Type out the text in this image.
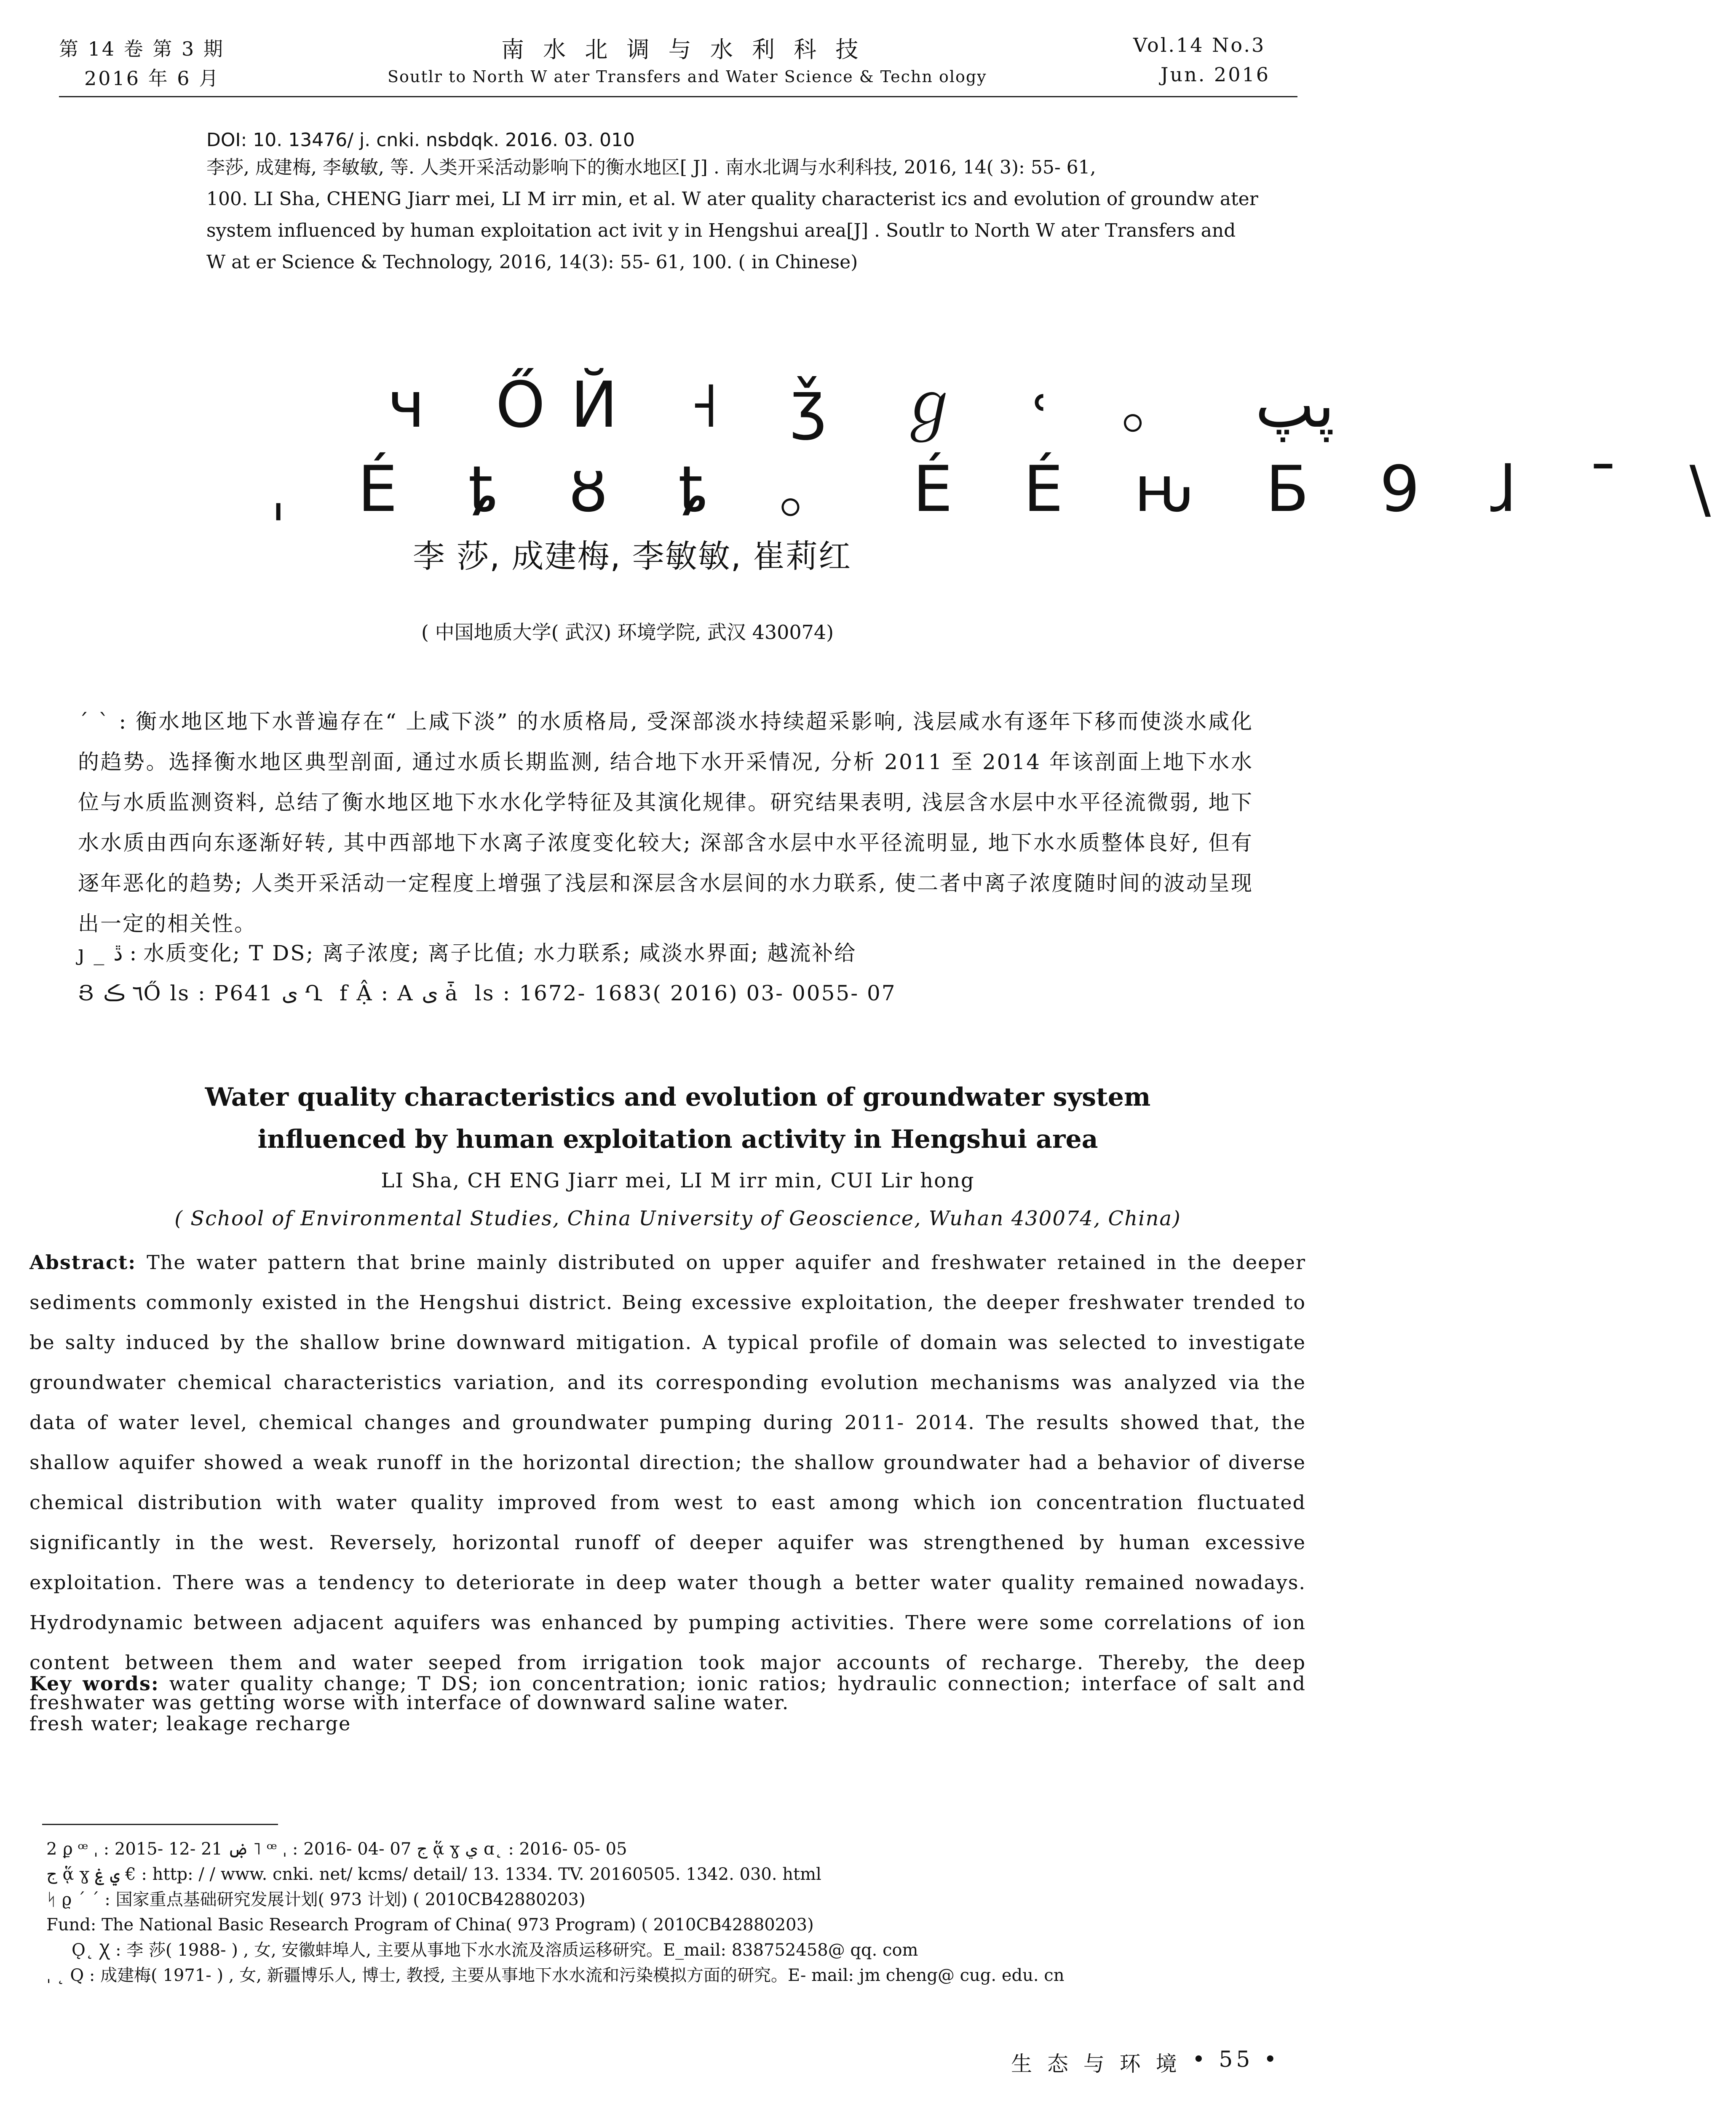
第 14 卷 第 3 期
2016 年 6 月
南 水 北 调 与 水 利 科 技
Soutlr to North W ater Transfers and Water Science & Techn ology
Vol.14 No.3
Jun. 2016
DOI: 10. 13476/ j. cnki. nsbdqk. 2016. 03. 010
李莎, 成建梅, 李敏敏, 等. 人类开采活动影响下的衡水地区[ J] . 南水北调与水利科技, 2016, 14( 3): 55- 61,
100. LI Sha, CHENG Jiarr mei, LI M irr min, et al. W ater quality characterist ics and evolution of groundw ater
system influenced by human exploitation act ivit y in Hengshui area[J] . Soutlr to North W ater Transfers and
W at er Science & Technology, 2016, 14(3): 55- 61, 100. ( in Chinese)
ч ŐЙ ˧ ǯ ℊ ˓ 。 ڽپ
ˌ É ȶ ȣ ȶ 。 É É ԋ Б 9 ɺ ¯ \
李 莎, 成建梅, 李敏敏, 崔莉红
( 中国地质大学( 武汉) 环境学院, 武汉 430074)
ˊ ˋ : 衡水地区地下水普遍存在“ 上咸下淡” 的水质格局, 受深部淡水持续超采影响, 浅层咸水有逐年下移而使淡水咸化的趋势。选择衡水地区典型剖面, 通过水质长期监测, 结合地下水开采情况, 分析 2011 至 2014 年该剖面上地下水水位与水质监测资料, 总结了衡水地区地下水水化学特征及其演化规律。研究结果表明, 浅层含水层中水平径流微弱, 地下水水质由西向东逐渐好转, 其中西部地下水离子浓度变化较大; 深部含水层中水平径流明显, 地下水水质整体良好, 但有逐年恶化的趋势; 人类开采活动一定程度上增强了浅层和深层含水层间的水力联系, 使二者中离子浓度随时间的波动呈现出一定的相关性。
ȷ _ ڐ : 水质变化; T DS; 离子浓度; 离子比值; 水力联系; 咸淡水界面; 越流补给
Յ ٦ ڪŐ ls : P641 ى Ղ ￼ f Ậ : A ى ǡ ￼ ls : 1672- 1683( 2016) 03- 0055- 07
Water quality characteristics and evolution of groundwater system
influenced by human exploitation activity in Hengshui area
LI Sha, CH ENG Jiarr mei, LI M irr min, CUI Lir hong
( School of Environmental Studies, China University of Geoscience, Wuhan 430074, China)
Abstract: The water pattern that brine mainly distributed on upper aquifer and freshwater retained in the deeper sediments commonly existed in the Hengshui district. Being excessive exploitation, the deeper freshwater trended to be salty induced by the shallow brine downward mitigation. A typical profile of domain was selected to investigate groundwater chemical characteristics variation, and its corresponding evolution mechanisms was analyzed via the data of water level, chemical changes and groundwater pumping during 2011- 2014. The results showed that, the shallow aquifer showed a weak runoff in the horizontal direction; the shallow groundwater had a behavior of diverse chemical distribution with water quality improved from west to east among which ion concentration fluctuated significantly in the west. Reversely, horizontal runoff of deeper aquifer was strengthened by human excessive exploitation. There was a tendency to deteriorate in deep water though a better water quality remained nowadays. Hydrodynamic between adjacent aquifers was enhanced by pumping activities. There were some correlations of ion content between them and water seeped from irrigation took major accounts of recharge. Thereby, the deep freshwater was getting worse with interface of downward saline water.
Key words: water quality change; T DS; ion concentration; ionic ratios; hydraulic connection; interface of salt and fresh water; leakage recharge
2 ϼ ꟹ ˌ : 2015- 12- 21 ۻ ˥ ꟹ ˌ : 2016- 04- 07 ج ᾅ ɣ ي ɑ˛ : 2016- 05- 05
ج ᾅ ɣ ي ۼ € : http: / / www. cnki. net/ kcms/ detail/ 13. 1334. TV. 20160505. 1342. 030. html
ᛋ ϱ ˊ ˊ : 国家重点基础研究发展计划( 973 计划) ( 2010CB42880203)
Fund: The National Basic Research Program of China( 973 Program) ( 2010CB42880203)
Ǫ˛ Ꭓ : 李 莎( 1988- ) , 女, 安徽蚌埠人, 主要从事地下水水流及溶质运移研究。E_mail: 838752458@ qq. com
ˌ ˛ Q : 成建梅( 1971- ) , 女, 新疆博乐人, 博士, 教授, 主要从事地下水水流和污染模拟方面的研究。E- mail: jm cheng@ cug. edu. cn
生 态 与 环 境 • 55 •
